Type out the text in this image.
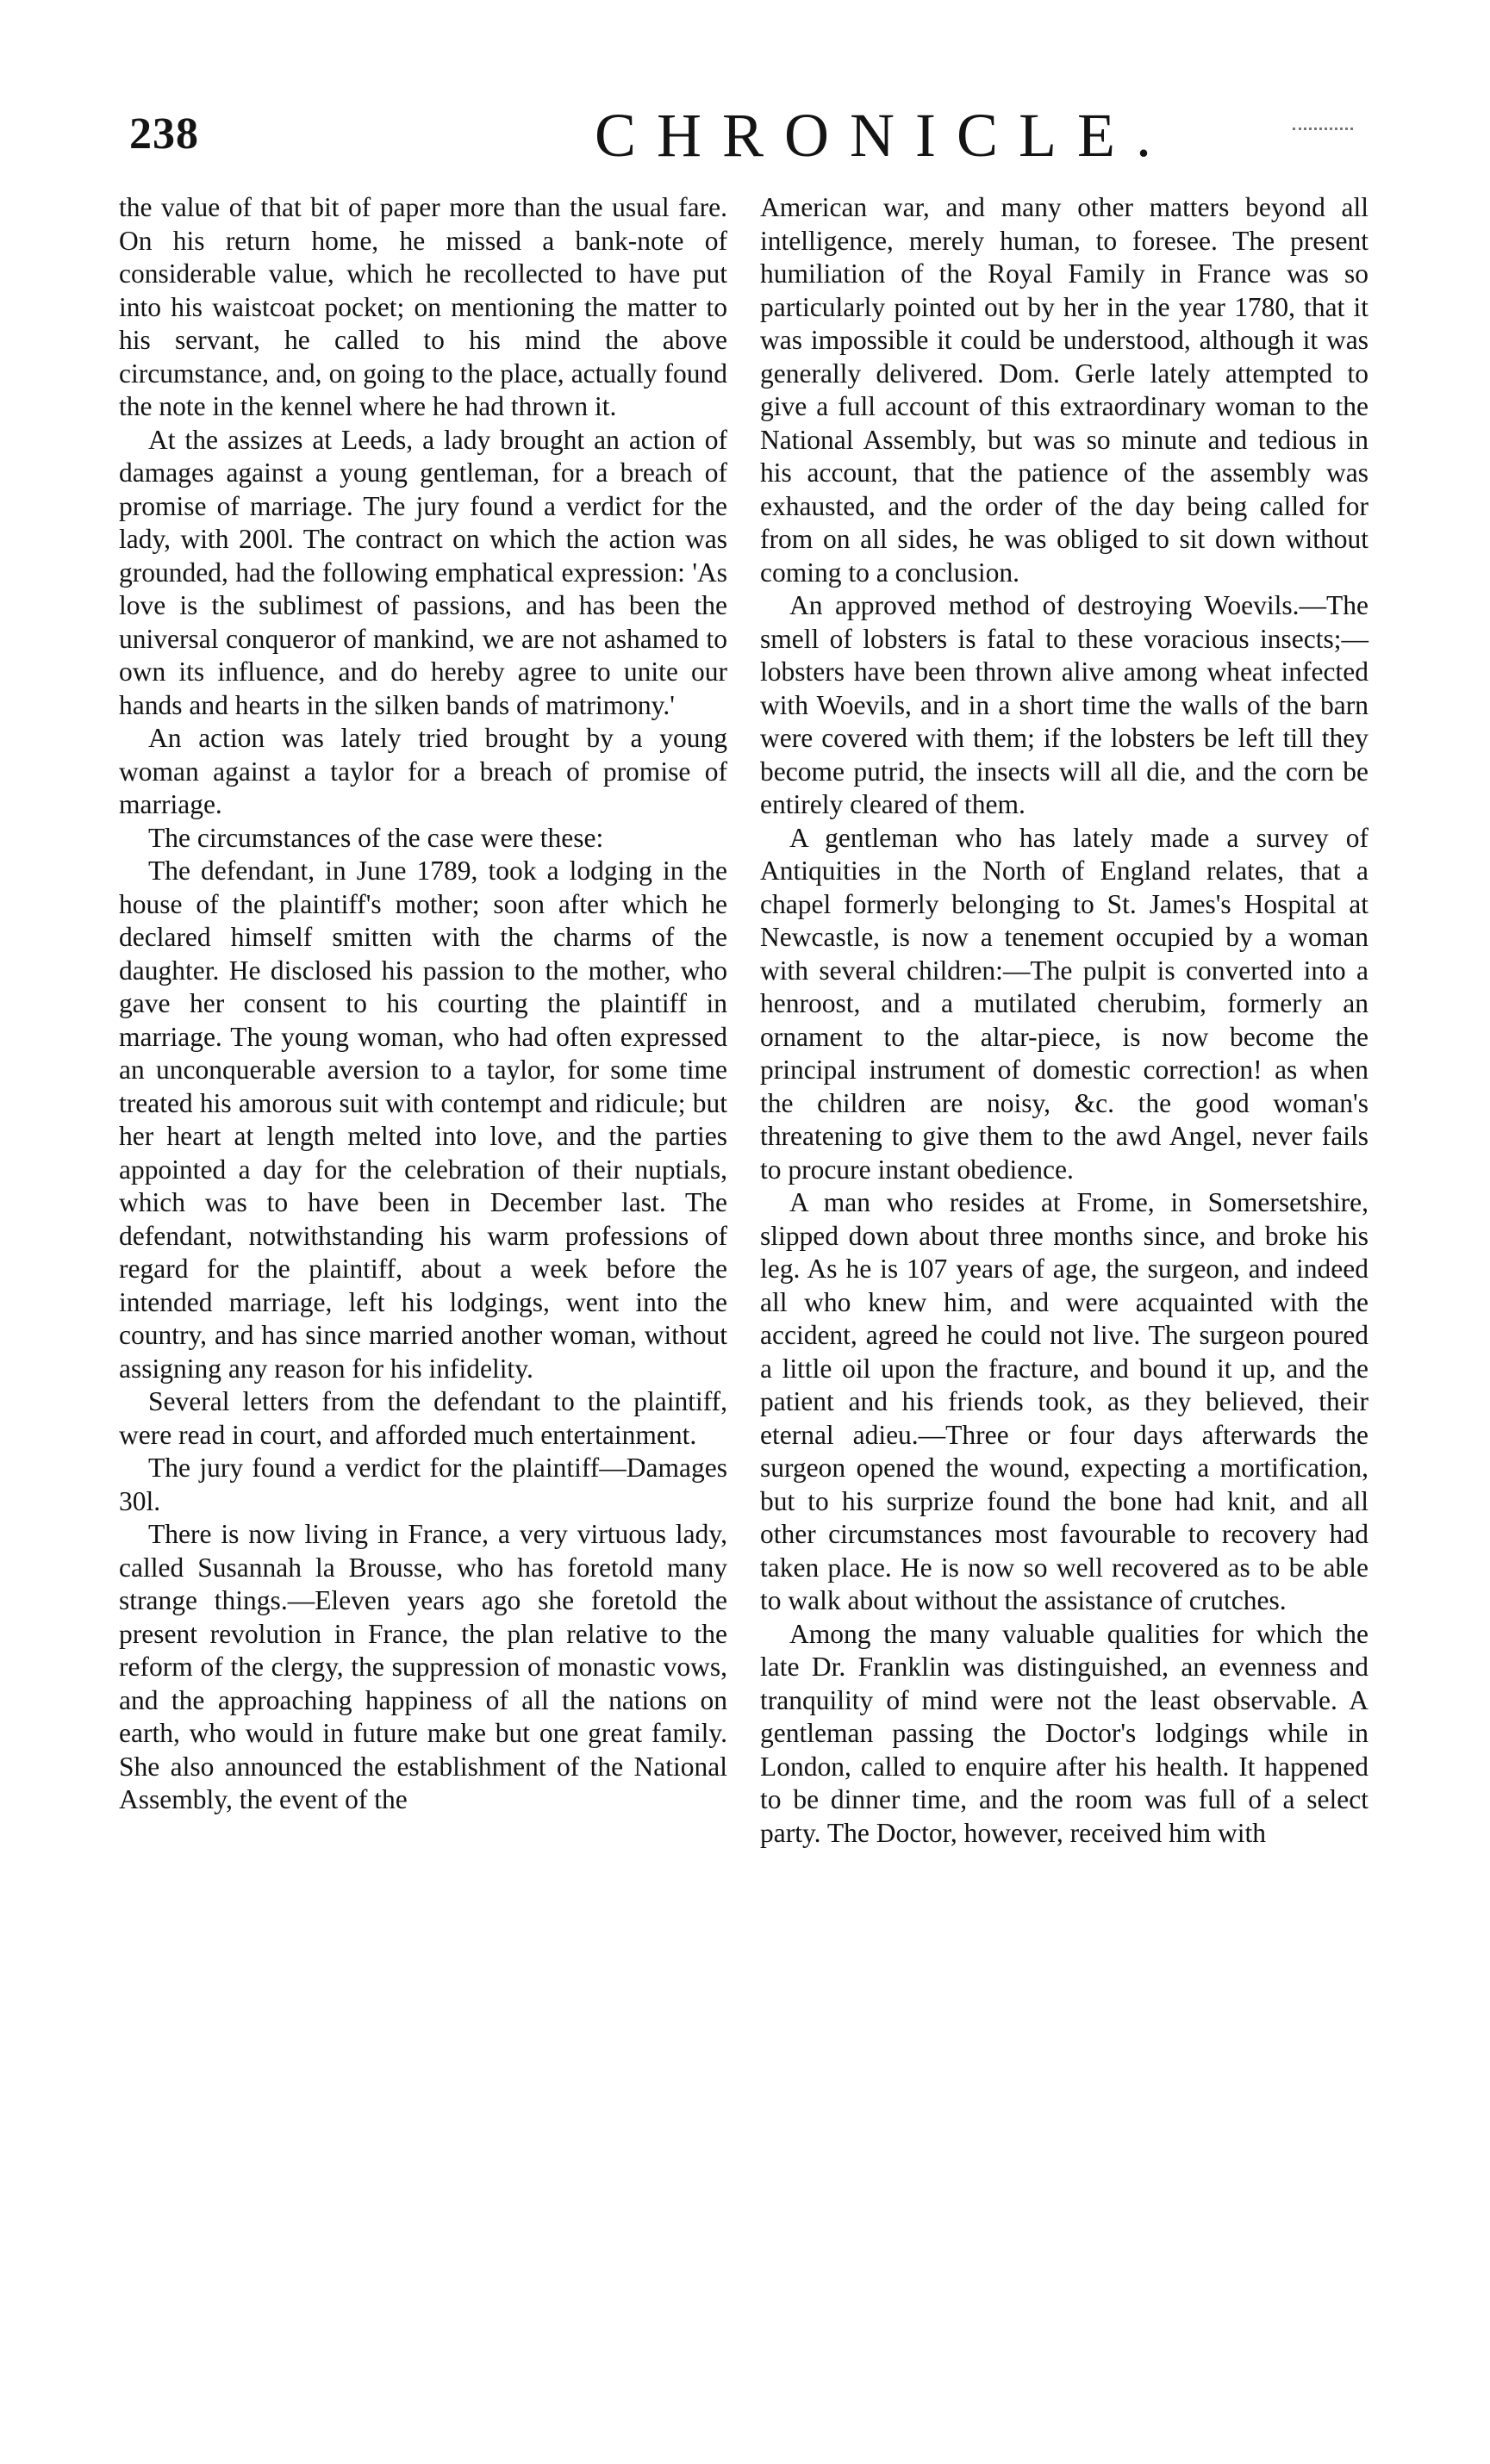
238	CHRONICLE.

the value of that bit of paper more than the usual fare. On his return home, he missed a bank-note of considerable value, which he recollected to have put into his waistcoat pocket; on mentioning the matter to his servant, he called to his mind the above circumstance, and, on going to the place, actually found the note in the kennel where he had thrown it.

At the assizes at Leeds, a lady brought an action of damages against a young gentleman, for a breach of promise of marriage. The jury found a verdict for the lady, with 200l. The contract on which the action was grounded, had the following emphatical expression: 'As love is the sublimest of passions, and has been the universal conqueror of mankind, we are not ashamed to own its influence, and do hereby agree to unite our hands and hearts in the silken bands of matrimony.'

An action was lately tried brought by a young woman against a taylor for a breach of promise of marriage.

The circumstances of the case were these:

The defendant, in June 1789, took a lodging in the house of the plaintiff's mother; soon after which he declared himself smitten with the charms of the daughter. He disclosed his passion to the mother, who gave her consent to his courting the plaintiff in marriage. The young woman, who had often expressed an unconquerable aversion to a taylor, for some time treated his amorous suit with contempt and ridicule; but her heart at length melted into love, and the parties appointed a day for the celebration of their nuptials, which was to have been in December last. The defendant, notwithstanding his warm professions of regard for the plaintiff, about a week before the intended marriage, left his lodgings, went into the country, and has since married another woman, without assigning any reason for his infidelity.

Several letters from the defendant to the plaintiff, were read in court, and afforded much entertainment.

The jury found a verdict for the plaintiff—Damages 30l.

There is now living in France, a very virtuous lady, called Susannah la Brousse, who has foretold many strange things.—Eleven years ago she foretold the present revolution in France, the plan relative to the reform of the clergy, the suppression of monastic vows, and the approaching happiness of all the nations on earth, who would in future make but one great family. She also announced the establishment of the National Assembly, the event of the

American war, and many other matters beyond all intelligence, merely human, to foresee. The present humiliation of the Royal Family in France was so particularly pointed out by her in the year 1780, that it was impossible it could be understood, although it was generally delivered. Dom. Gerle lately attempted to give a full account of this extraordinary woman to the National Assembly, but was so minute and tedious in his account, that the patience of the assembly was exhausted, and the order of the day being called for from on all sides, he was obliged to sit down without coming to a conclusion.

An approved method of destroying Woevils.—The smell of lobsters is fatal to these voracious insects;—lobsters have been thrown alive among wheat infected with Woevils, and in a short time the walls of the barn were covered with them; if the lobsters be left till they become putrid, the insects will all die, and the corn be entirely cleared of them.

A gentleman who has lately made a survey of Antiquities in the North of England relates, that a chapel formerly belonging to St. James's Hospital at Newcastle, is now a tenement occupied by a woman with several children:—The pulpit is converted into a henroost, and a mutilated cherubim, formerly an ornament to the altar-piece, is now become the principal instrument of domestic correction! as when the children are noisy, &c. the good woman's threatening to give them to the awd Angel, never fails to procure instant obedience.

A man who resides at Frome, in Somersetshire, slipped down about three months since, and broke his leg. As he is 107 years of age, the surgeon, and indeed all who knew him, and were acquainted with the accident, agreed he could not live. The surgeon poured a little oil upon the fracture, and bound it up, and the patient and his friends took, as they believed, their eternal adieu.—Three or four days afterwards the surgeon opened the wound, expecting a mortification, but to his surprize found the bone had knit, and all other circumstances most favourable to recovery had taken place. He is now so well recovered as to be able to walk about without the assistance of crutches.

Among the many valuable qualities for which the late Dr. Franklin was distinguished, an evenness and tranquility of mind were not the least observable. A gentleman passing the Doctor's lodgings while in London, called to enquire after his health. It happened to be dinner time, and the room was full of a select party. The Doctor, however, received him with
